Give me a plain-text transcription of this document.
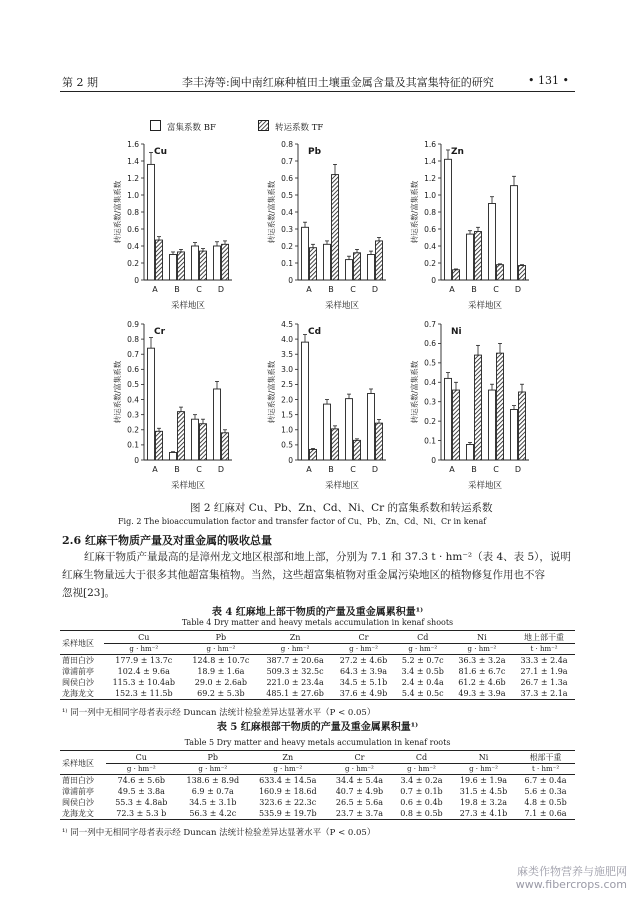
第 2 期	李丰涛等:闽中南红麻种植田土壤重金属含量及其富集特征的研究	• 131 •
富集系数 BF	转运系数 TF
0
0.2
0.4
0.6
0.8
1.0
1.2
1.4
1.6
Cu
A B C D
采样地区
转运系数/富集系数
0
0.1
0.2
0.3
0.4
0.5
0.6
0.7
0.8
Pb
A B C D
采样地区
转运系数/富集系数
0
0.2
0.4
0.6
0.8
1.0
1.2
1.4
1.6
Zn
A B C D
采样地区
转运系数/富集系数
0
0.1
0.2
0.3
0.4
0.5
0.6
0.7
0.8
0.9
Cr
A B C D
采样地区
转运系数/富集系数
0
0.5
1.0
1.5
2.0
2.5
3.0
3.5
4.0
4.5
Cd
A B C D
采样地区
转运系数/富集系数
0
0.1
0.2
0.3
0.4
0.5
0.6
0.7
Ni
A B C D
采样地区
转运系数/富集系数
图 2 红麻对 Cu、Pb、Zn、Cd、Ni、Cr 的富集系数和转运系数
Fig. 2 The bioaccumulation factor and transfer factor of Cu、Pb、Zn、Cd、Ni、Cr in kenaf
2.6 红麻干物质产量及对重金属的吸收总量
红麻干物质产量最高的是漳州龙文地区根部和地上部，分别为 7.1 和 37.3 t · hm⁻²（表 4、表 5），说明
红麻生物量远大于很多其他超富集植物。当然，这些超富集植物对重金属污染地区的植物修复作用也不容
忽视[23]。
表 4 红麻地上部干物质的产量及重金属累积量¹⁾
Table 4 Dry matter and heavy metals accumulation in kenaf shoots
采样地区	Cu	Pb	Zn	Cr	Cd	Ni	地上部干重
	g · hm⁻²	g · hm⁻²	g · hm⁻²	g · hm⁻²	g · hm⁻²	g · hm⁻²	t · hm⁻²
莆田白沙	177.9 ± 13.7c	124.8 ± 10.7c	387.7 ± 20.6a	27.2 ± 4.6b	5.2 ± 0.7c	36.3 ± 3.2a	33.3 ± 2.4a
漳浦前亭	102.4 ± 9.6a	18.9 ± 1.6a	509.3 ± 32.5c	64.3 ± 3.9a	3.4 ± 0.5b	81.6 ± 6.7c	27.1 ± 1.9a
闽侯白沙	115.3 ± 10.4ab	29.0 ± 2.6ab	221.0 ± 23.4a	34.5 ± 5.1b	2.4 ± 0.4a	61.2 ± 4.6b	26.7 ± 1.3a
龙海龙文	152.3 ± 11.5b	69.2 ± 5.3b	485.1 ± 27.6b	37.6 ± 4.9b	5.4 ± 0.5c	49.3 ± 3.9a	37.3 ± 2.1a
¹⁾ 同一列中无相同字母者表示经 Duncan 法统计检验差异达显著水平（P < 0.05）
表 5 红麻根部干物质的产量及重金属累积量¹⁾
Table 5 Dry matter and heavy metals accumulation in kenaf roots
采样地区	Cu	Pb	Zn	Cr	Cd	Ni	根部干重
	g · hm⁻²	g · hm⁻²	g · hm⁻²	g · hm⁻²	g · hm⁻²	g · hm⁻²	t · hm⁻²
莆田白沙	74.6 ± 5.6b	138.6 ± 8.9d	633.4 ± 14.5a	34.4 ± 5.4a	3.4 ± 0.2a	19.6 ± 1.9a	6.7 ± 0.4a
漳浦前亭	49.5 ± 3.8a	6.9 ± 0.7a	160.9 ± 18.6d	40.7 ± 4.9b	0.7 ± 0.1b	31.5 ± 4.5b	5.6 ± 0.3a
闽侯白沙	55.3 ± 4.8ab	34.5 ± 3.1b	323.6 ± 22.3c	26.5 ± 5.6a	0.6 ± 0.4b	19.8 ± 3.2a	4.8 ± 0.5b
龙海龙文	72.3 ± 5.3 b	56.3 ± 4.2c	535.9 ± 19.7b	23.7 ± 3.7a	0.8 ± 0.5b	27.3 ± 4.1b	7.1 ± 0.6a
¹⁾ 同一列中无相同字母者表示经 Duncan 法统计检验差异达显著水平（P < 0.05）
麻类作物营养与施肥网
www.fibercrops.com
